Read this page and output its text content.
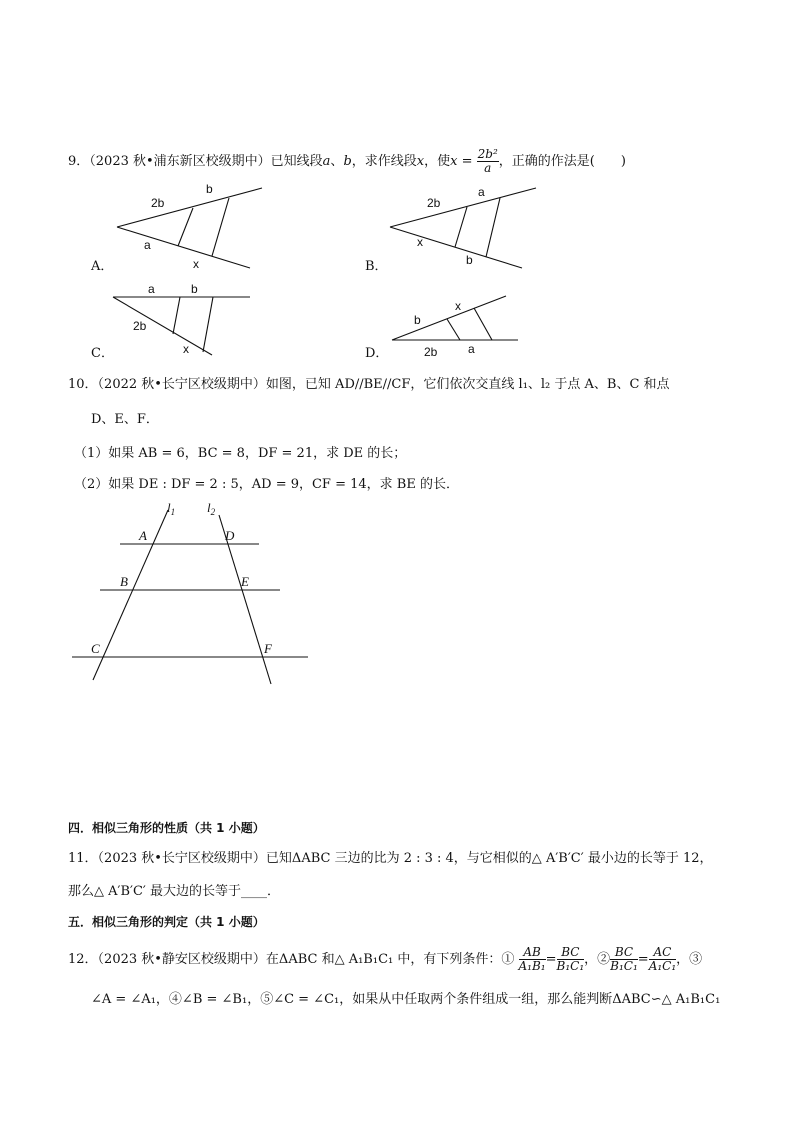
9．（2023 秋•浦东新区校级期中）已知线段a、b，求作线段x，使$x = \frac{\text{2b²}}{a}$ ，正确的作法是(　　)
2b
b
a
x
2b
a
x
b
a	b
2b
x
b
x
2b	a
A．	B．
C．	D．
10．（2022 秋•长宁区校级期中）如图，已知 AD//BE//CF，它们依次交直线 l₁、l₂ 于点 A、B、C 和点
D、E、F．
（1）如果 AB = 6，BC = 8，DF = 21，求 DE 的长；
（2）如果 DE : DF = 2 : 5，AD = 9，CF = 14，求 BE 的长．
$l_1$ $l_2$
A	D
B	E
C	F
四．相似三角形的性质（共 1 小题）
11．（2023 秋•长宁区校级期中）已知ΔABC 三边的比为 2 : 3 : 4，与它相似的△ A′B′C′ 最小边的长等于 12，
那么△ A′B′C′ 最大边的长等于____．
五．相似三角形的判定（共 1 小题）
12．（2023 秋•静安区校级期中）在ΔABC 和△ A₁B₁C₁ 中，有下列条件：① $\frac{AB}{\text{A₁B₁}} = \frac{BC}{\text{B₁C₁}}$ ，② $\frac{BC}{\text{B₁C₁}} = \frac{AC}{\text{A₁C₁}}$ ，③
∠A = ∠A₁，④∠B = ∠B₁，⑤∠C = ∠C₁，如果从中任取两个条件组成一组，那么能判断ΔABC∽△ A₁B₁C₁
